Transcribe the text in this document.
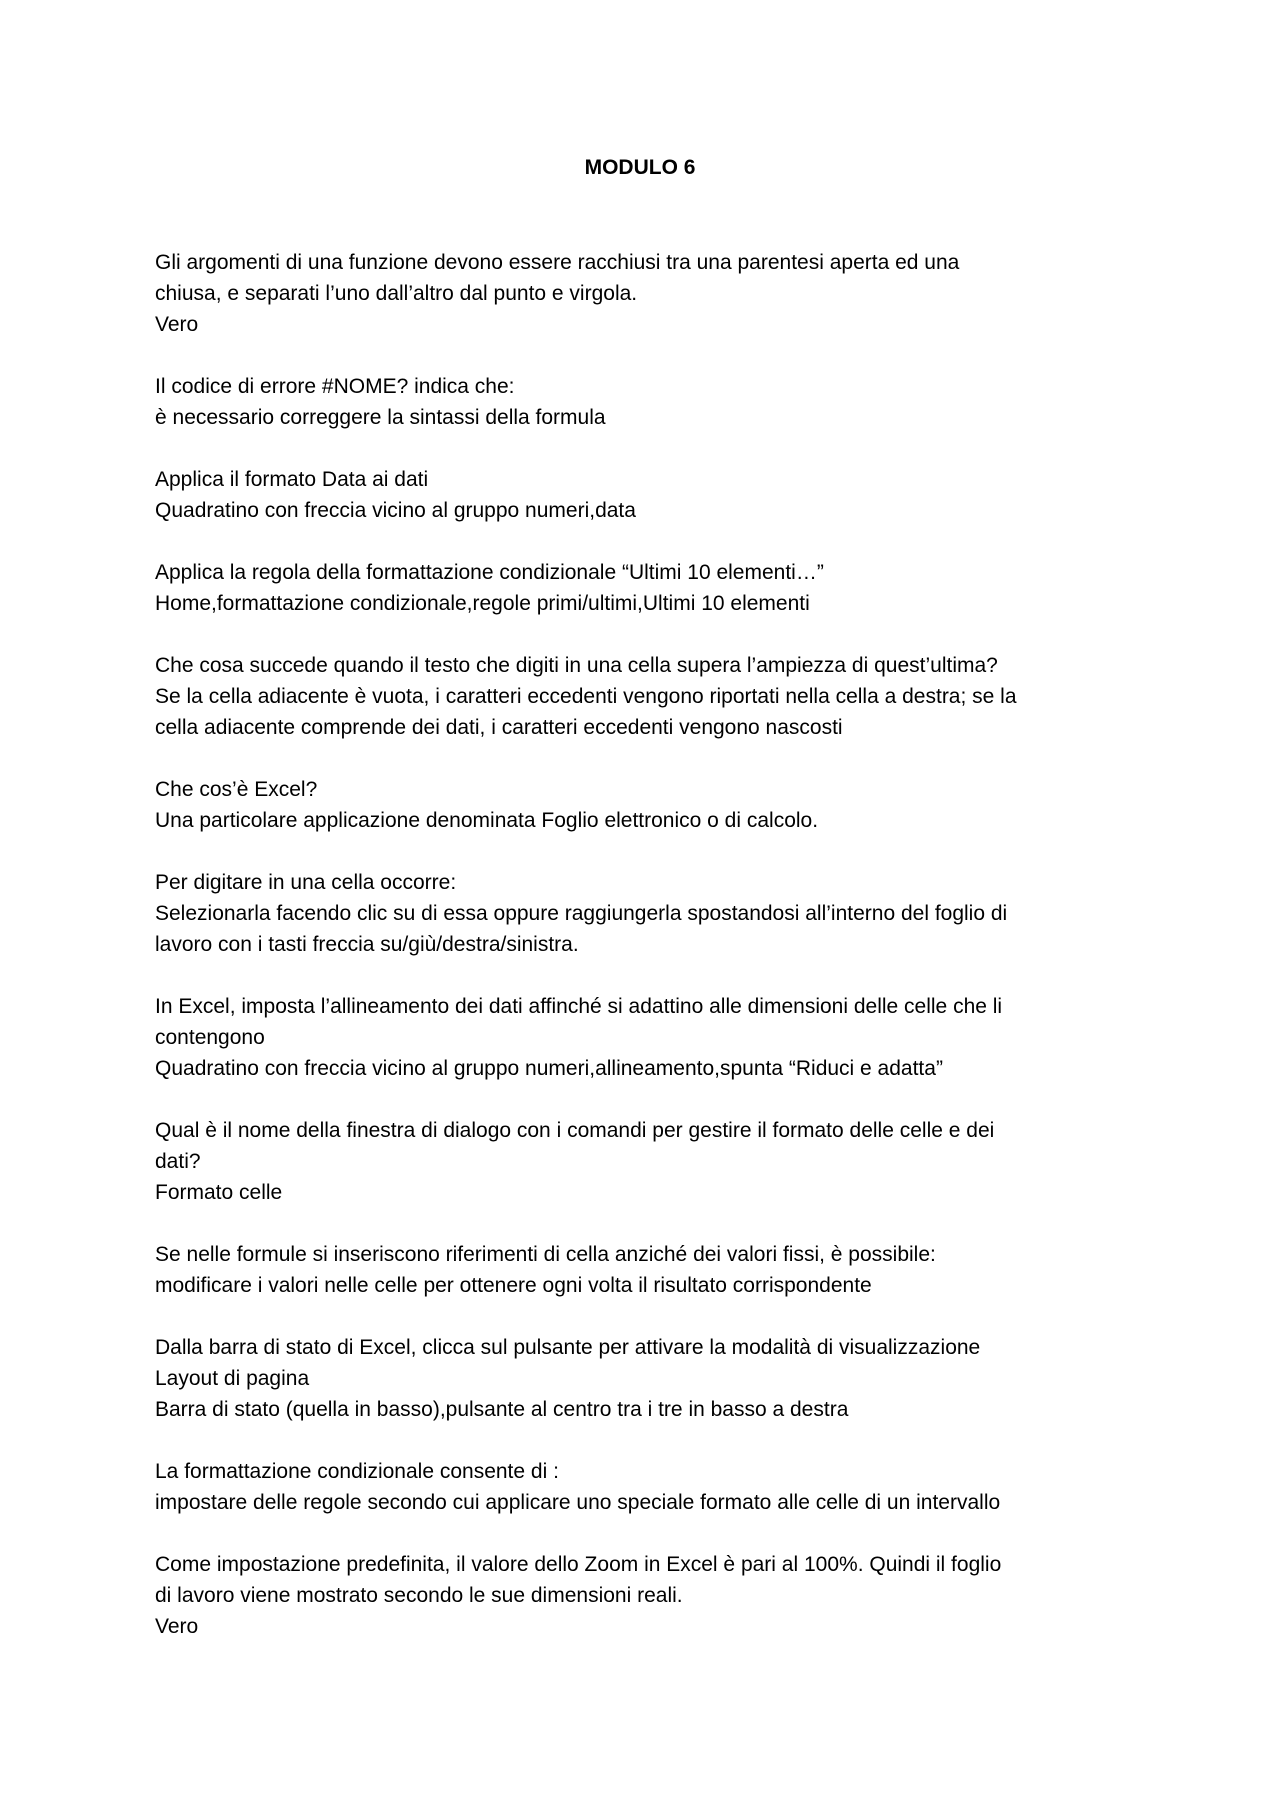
MODULO 6
Gli argomenti di una funzione devono essere racchiusi tra una parentesi aperta ed una
chiusa, e separati l’uno dall’altro dal punto e virgola.
Vero
Il codice di errore #NOME? indica che:
è necessario correggere la sintassi della formula
Applica il formato Data ai dati
Quadratino con freccia vicino al gruppo numeri,data
Applica la regola della formattazione condizionale “Ultimi 10 elementi…”
Home,formattazione condizionale,regole primi/ultimi,Ultimi 10 elementi
Che cosa succede quando il testo che digiti in una cella supera l’ampiezza di quest’ultima?
Se la cella adiacente è vuota, i caratteri eccedenti vengono riportati nella cella a destra; se la
cella adiacente comprende dei dati, i caratteri eccedenti vengono nascosti
Che cos’è Excel?
Una particolare applicazione denominata Foglio elettronico o di calcolo.
Per digitare in una cella occorre:
Selezionarla facendo clic su di essa oppure raggiungerla spostandosi all’interno del foglio di
lavoro con i tasti freccia su/giù/destra/sinistra.
In Excel, imposta l’allineamento dei dati affinché si adattino alle dimensioni delle celle che li
contengono
Quadratino con freccia vicino al gruppo numeri,allineamento,spunta “Riduci e adatta”
Qual è il nome della finestra di dialogo con i comandi per gestire il formato delle celle e dei
dati?
Formato celle
Se nelle formule si inseriscono riferimenti di cella anziché dei valori fissi, è possibile:
modificare i valori nelle celle per ottenere ogni volta il risultato corrispondente
Dalla barra di stato di Excel, clicca sul pulsante per attivare la modalità di visualizzazione
Layout di pagina
Barra di stato (quella in basso),pulsante al centro tra i tre in basso a destra
La formattazione condizionale consente di :
impostare delle regole secondo cui applicare uno speciale formato alle celle di un intervallo
Come impostazione predefinita, il valore dello Zoom in Excel è pari al 100%. Quindi il foglio
di lavoro viene mostrato secondo le sue dimensioni reali.
Vero
